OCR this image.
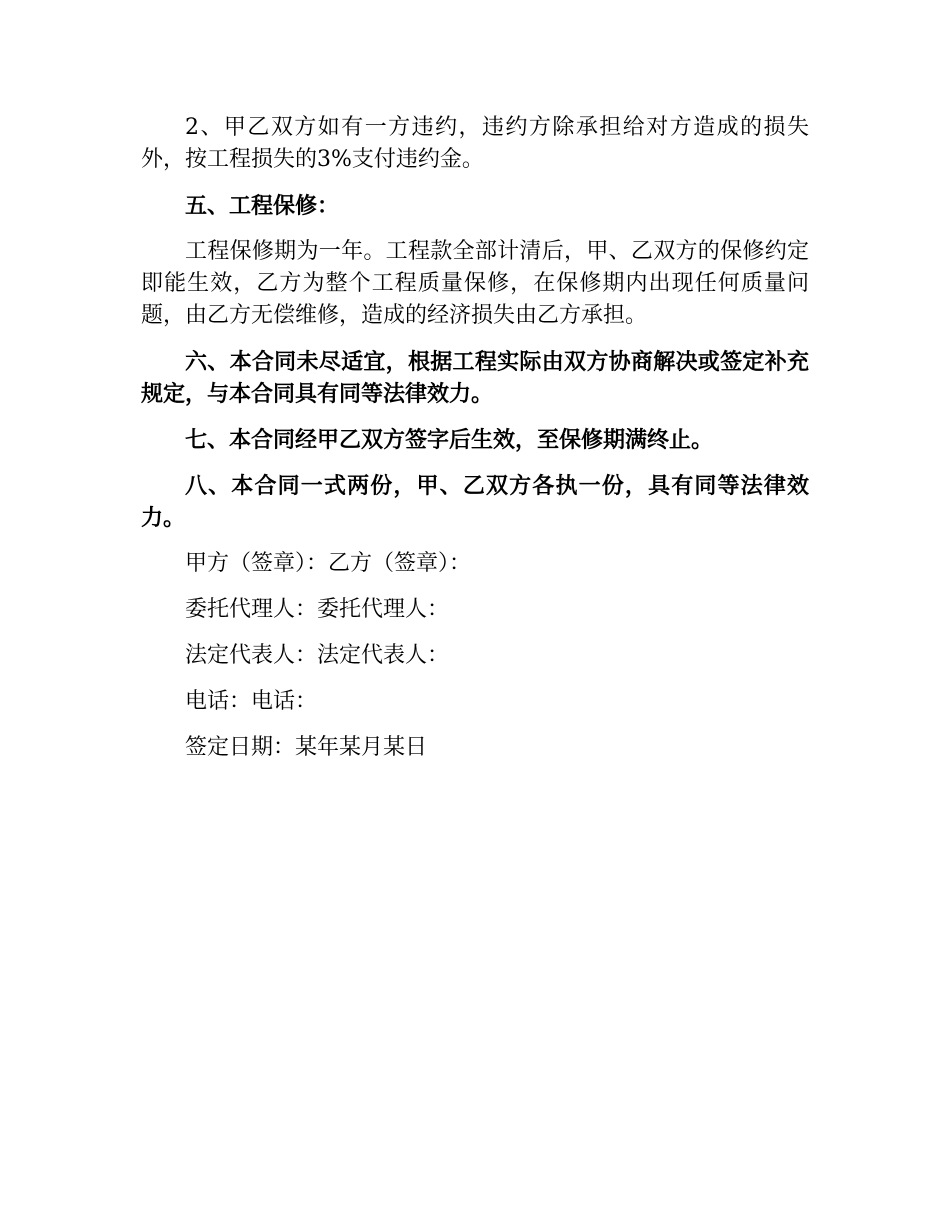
2、甲乙双方如有一方违约，违约方除承担给对方造成的损失外，按工程损失的3%支付违约金。

五、工程保修：

工程保修期为一年。工程款全部计清后，甲、乙双方的保修约定即能生效，乙方为整个工程质量保修，在保修期内出现任何质量问题，由乙方无偿维修，造成的经济损失由乙方承担。

六、本合同未尽适宜，根据工程实际由双方协商解决或签定补充规定，与本合同具有同等法律效力。

七、本合同经甲乙双方签字后生效，至保修期满终止。

八、本合同一式两份，甲、乙双方各执一份，具有同等法律效力。

甲方（签章）：乙方（签章）：

委托代理人：委托代理人：

法定代表人：法定代表人：

电话：电话：

签定日期：某年某月某日
